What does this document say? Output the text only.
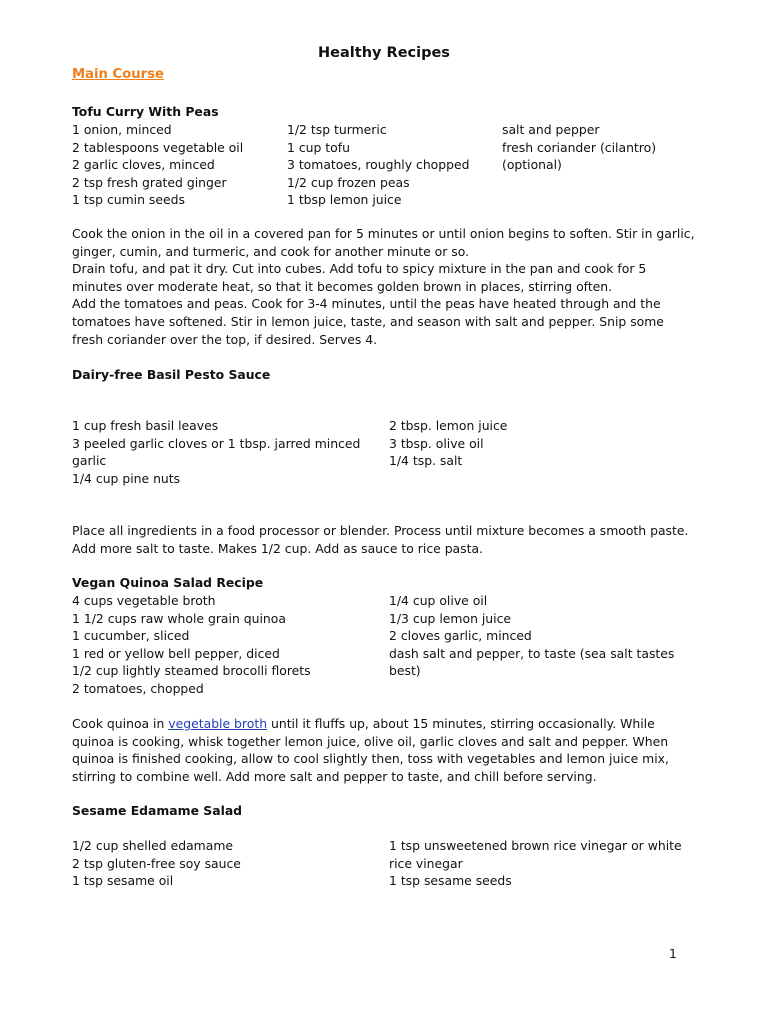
Healthy Recipes
Main Course
Tofu Curry With Peas
1 onion, minced
2 tablespoons vegetable oil
2 garlic cloves, minced
2 tsp fresh grated ginger
1 tsp cumin seeds
1/2 tsp turmeric
1 cup tofu
3 tomatoes, roughly chopped
1/2 cup frozen peas
1 tbsp lemon juice
salt and pepper
fresh coriander (cilantro)
(optional)

Cook the onion in the oil in a covered pan for 5 minutes or until onion begins to soften. Stir in garlic, ginger, cumin, and turmeric, and cook for another minute or so.

Drain tofu, and pat it dry. Cut into cubes. Add tofu to spicy mixture in the pan and cook for 5 minutes over moderate heat, so that it becomes golden brown in places, stirring often.

Add the tomatoes and peas. Cook for 3-4 minutes, until the peas have heated through and the tomatoes have softened. Stir in lemon juice, taste, and season with salt and pepper. Snip some fresh coriander over the top, if desired. Serves 4.

Dairy-free Basil Pesto Sauce
1 cup fresh basil leaves
3 peeled garlic cloves or 1 tbsp. jarred minced garlic
1/4 cup pine nuts
2 tbsp. lemon juice
3 tbsp. olive oil
1/4 tsp. salt

Place all ingredients in a food processor or blender. Process until mixture becomes a smooth paste. Add more salt to taste. Makes 1/2 cup. Add as sauce to rice pasta.

Vegan Quinoa Salad Recipe
4 cups vegetable broth
1 1/2 cups raw whole grain quinoa
1 cucumber, sliced
1 red or yellow bell pepper, diced
1/2 cup lightly steamed brocolli florets
2 tomatoes, chopped
1/4 cup olive oil
1/3 cup lemon juice
2 cloves garlic, minced
dash salt and pepper, to taste (sea salt tastes best)

Cook quinoa in vegetable broth until it fluffs up, about 15 minutes, stirring occasionally. While quinoa is cooking, whisk together lemon juice, olive oil, garlic cloves and salt and pepper. When quinoa is finished cooking, allow to cool slightly then, toss with vegetables and lemon juice mix, stirring to combine well. Add more salt and pepper to taste, and chill before serving.

Sesame Edamame Salad
1/2 cup shelled edamame
2 tsp gluten-free soy sauce
1 tsp sesame oil
1 tsp unsweetened brown rice vinegar or white rice vinegar
1 tsp sesame seeds
1
